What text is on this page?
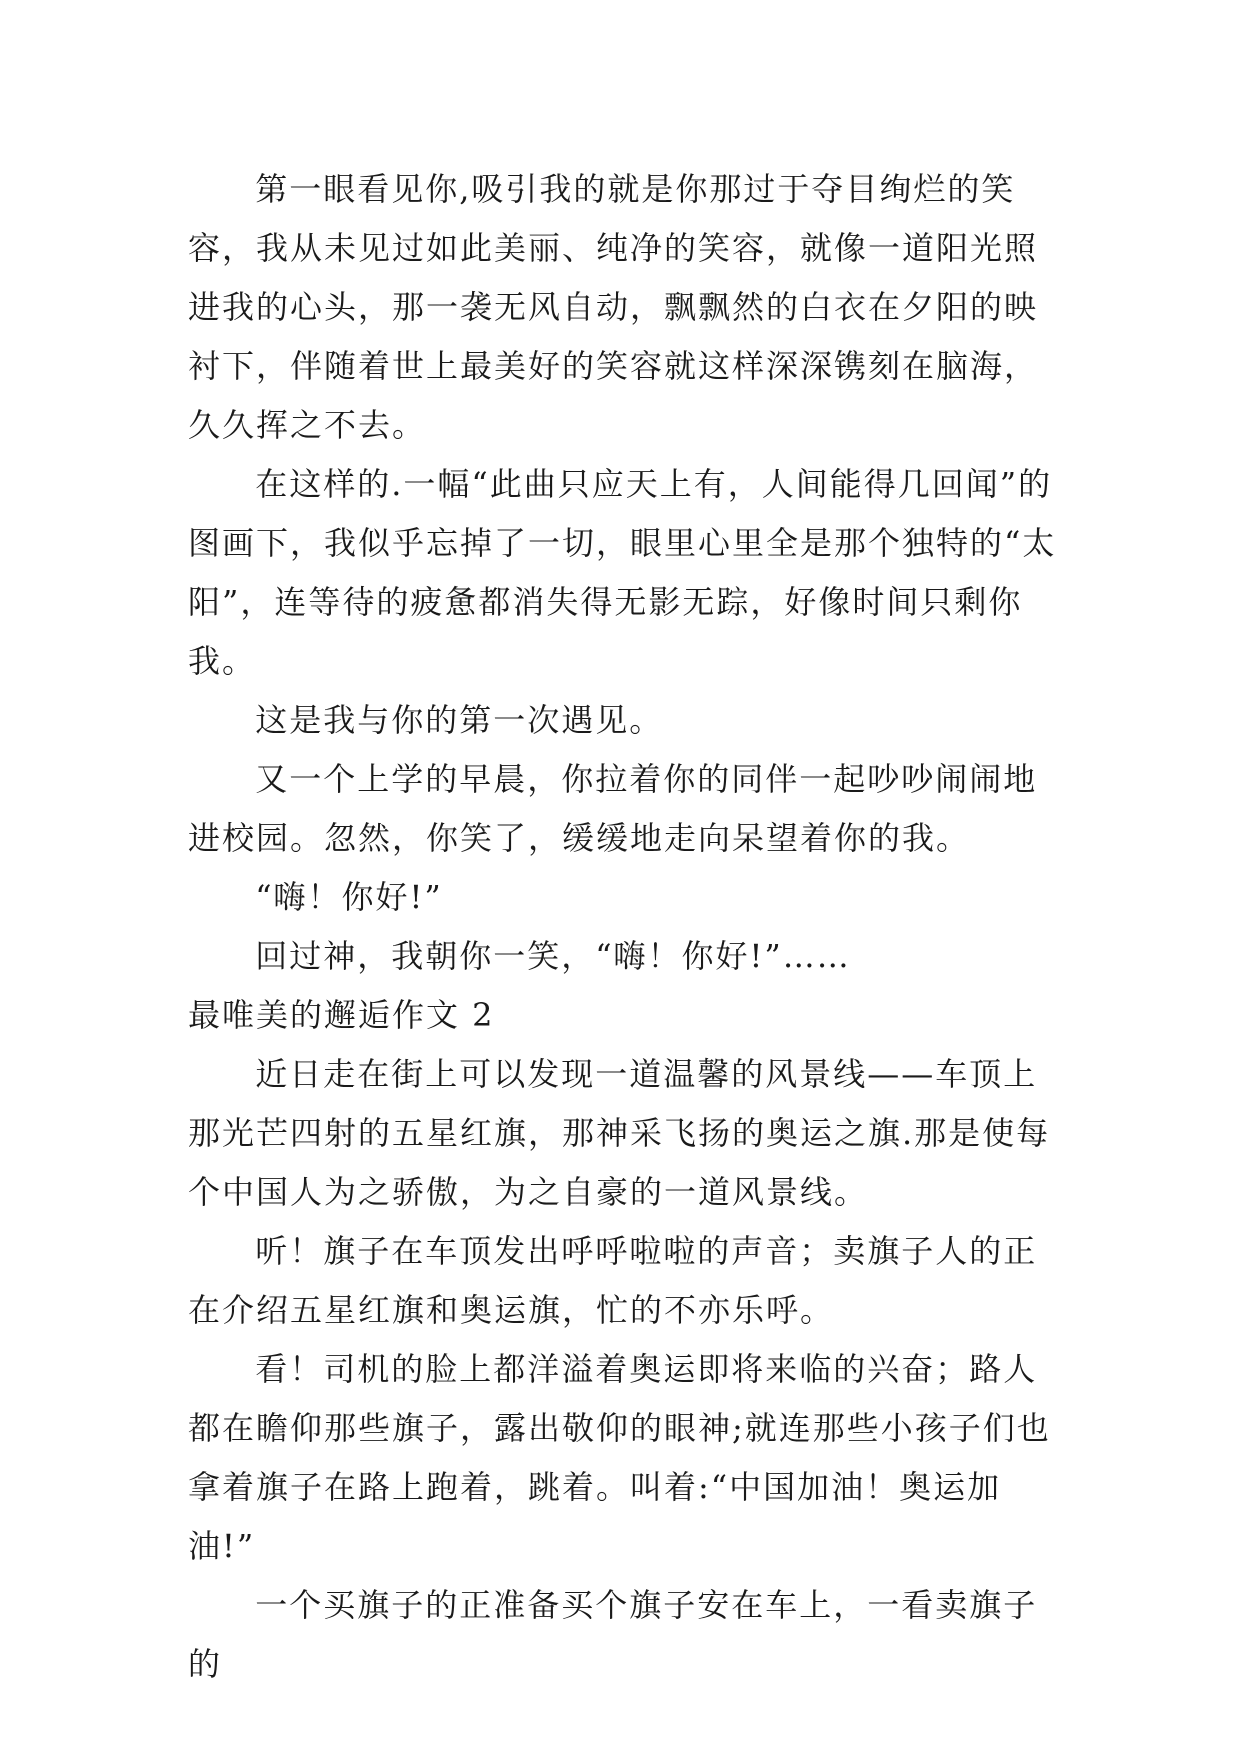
第一眼看见你,吸引我的就是你那过于夺目绚烂的笑容，我从未见过如此美丽、纯净的笑容，就像一道阳光照进我的心头，那一袭无风自动，飘飘然的白衣在夕阳的映衬下，伴随着世上最美好的笑容就这样深深镌刻在脑海，久久挥之不去。

在这样的.一幅“此曲只应天上有，人间能得几回闻”的图画下，我似乎忘掉了一切，眼里心里全是那个独特的“太阳”，连等待的疲惫都消失得无影无踪，好像时间只剩你我。

这是我与你的第一次遇见。

又一个上学的早晨，你拉着你的同伴一起吵吵闹闹地进校园。忽然，你笑了，缓缓地走向呆望着你的我。

“嗨！你好!”

回过神，我朝你一笑，“嗨！你好!”……

最唯美的邂逅作文 2

近日走在街上可以发现一道温馨的风景线——车顶上那光芒四射的五星红旗，那神采飞扬的奥运之旗.那是使每个中国人为之骄傲，为之自豪的一道风景线。

听！旗子在车顶发出呼呼啦啦的声音；卖旗子人的正在介绍五星红旗和奥运旗，忙的不亦乐呼。

看！司机的脸上都洋溢着奥运即将来临的兴奋；路人都在瞻仰那些旗子，露出敬仰的眼神;就连那些小孩子们也拿着旗子在路上跑着，跳着。叫着:“中国加油！奥运加油!”

一个买旗子的正准备买个旗子安在车上，一看卖旗子的
